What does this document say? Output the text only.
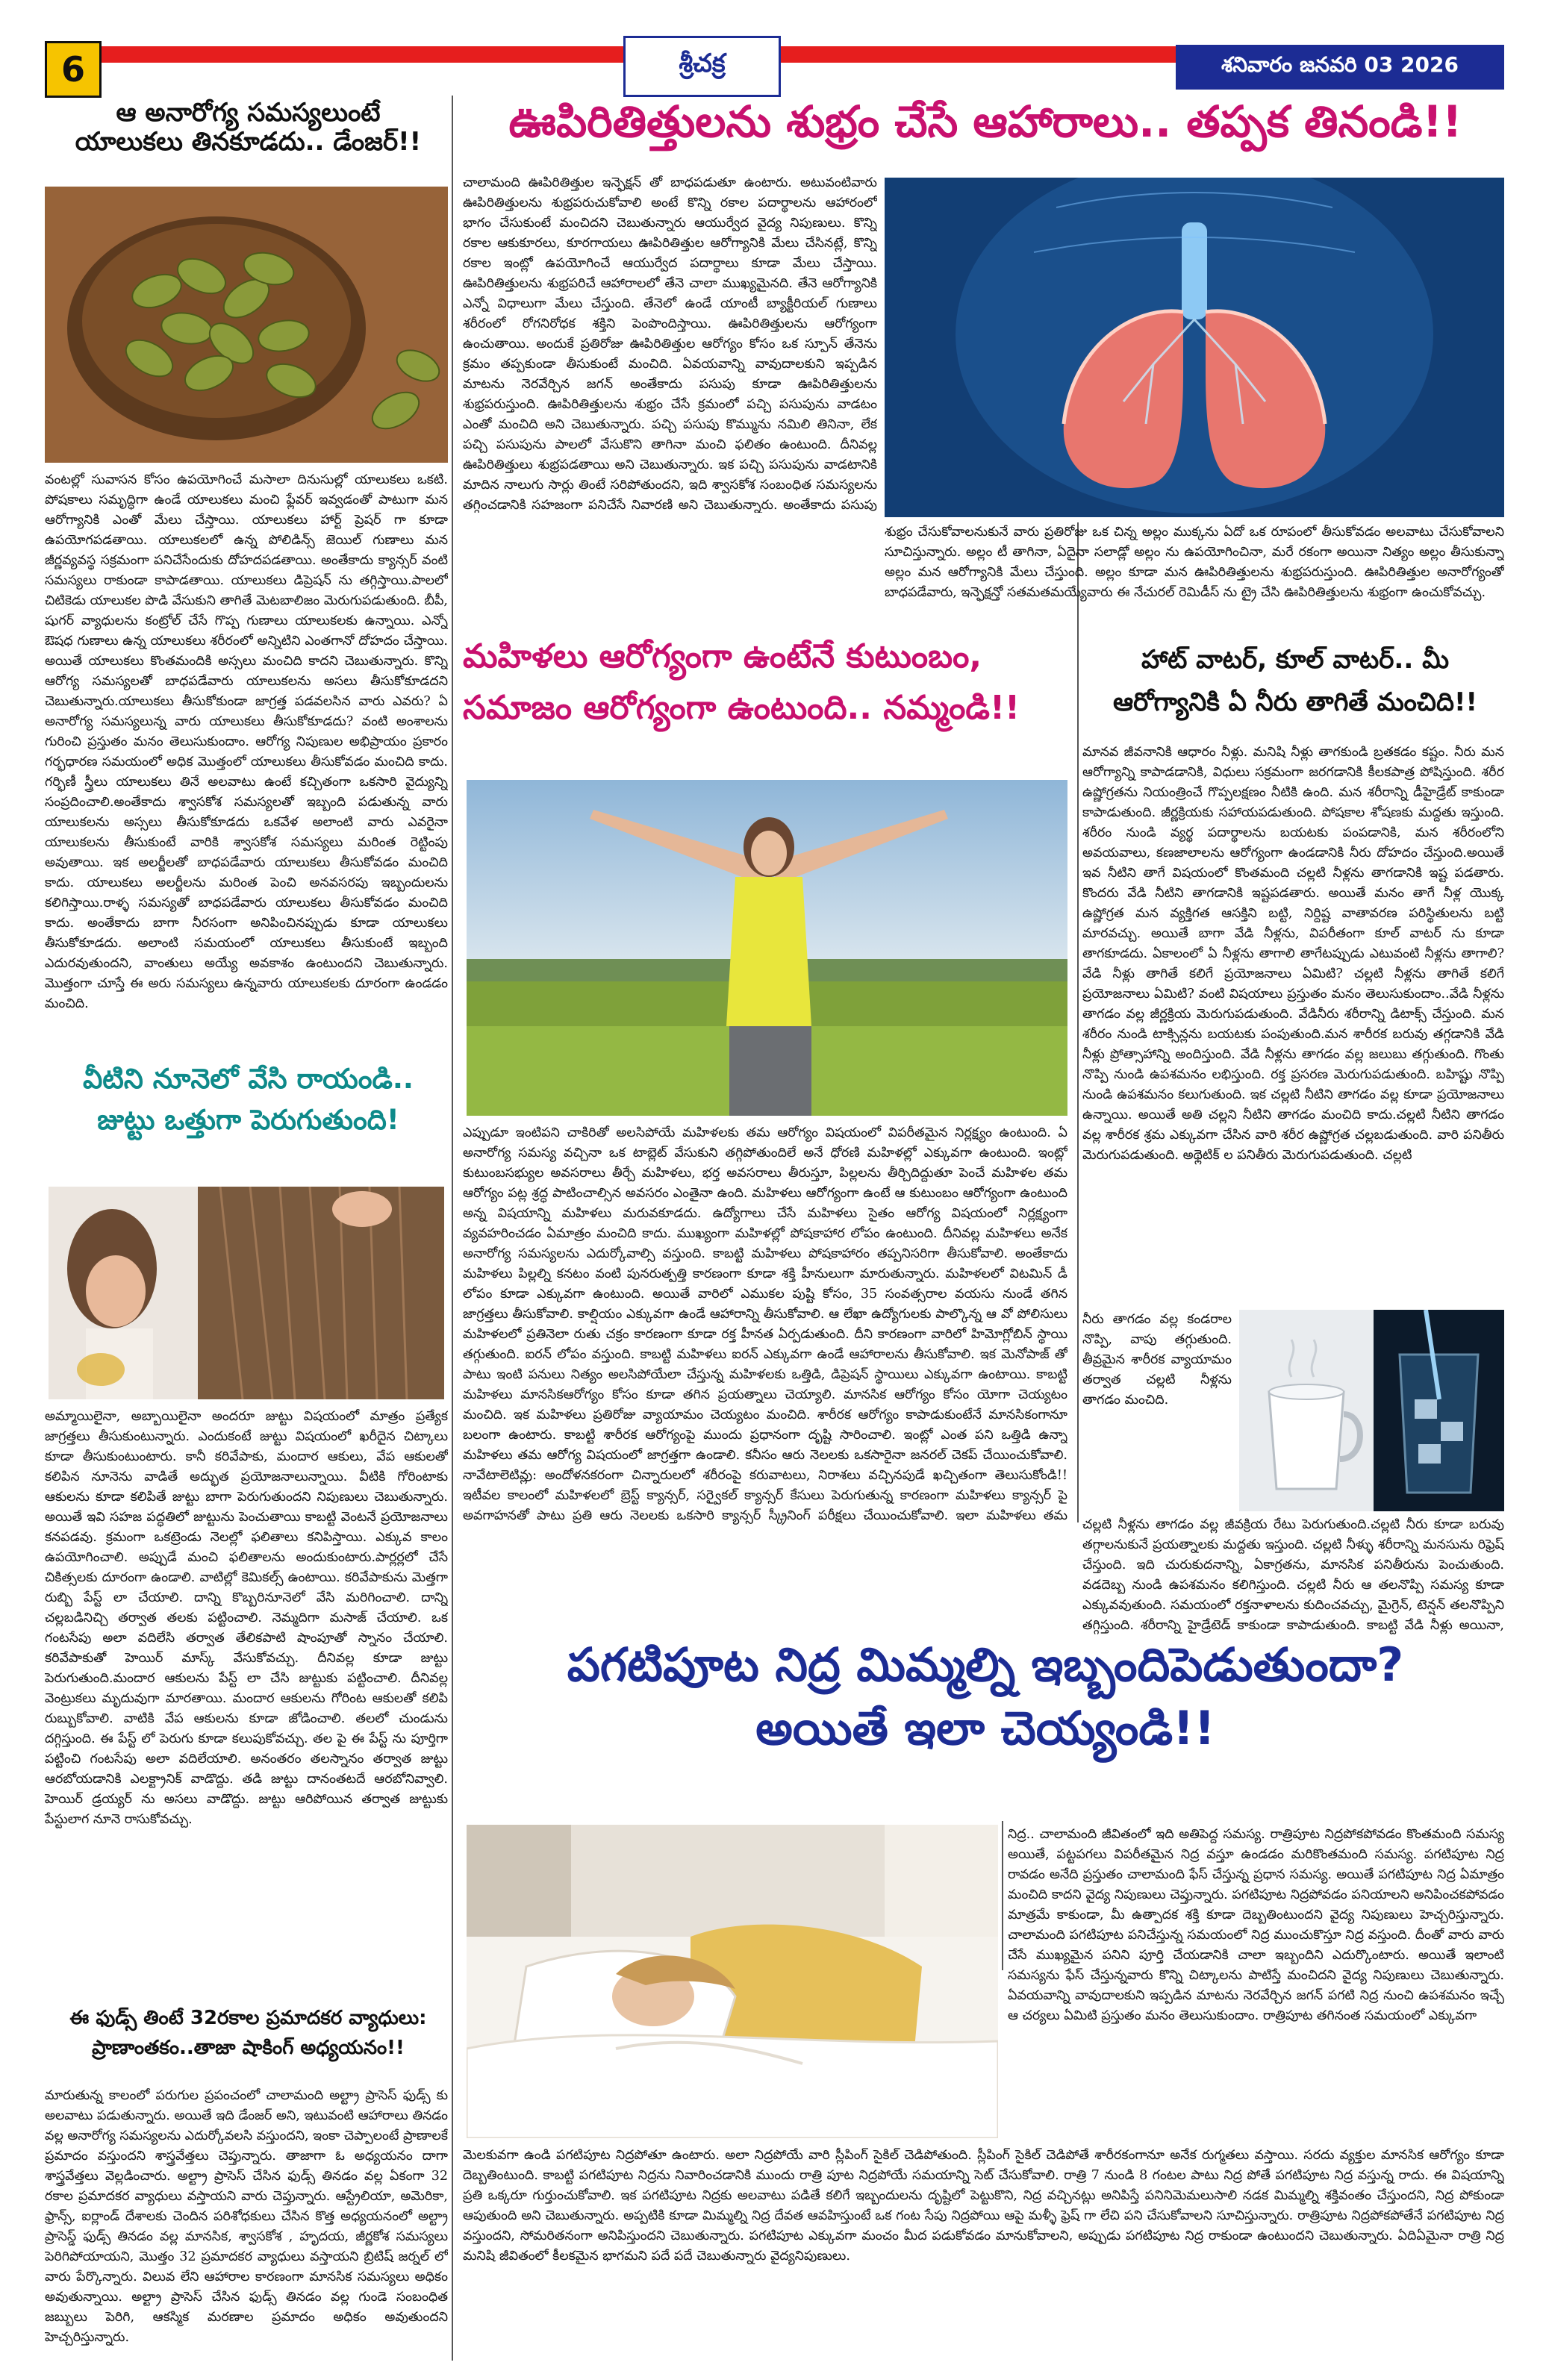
6	శ్రీచక్ర	శనివారం జనవరి 03 2026
ఆ అనారోగ్య సమస్యలుంటే
యాలుకలు తినకూడదు.. డేంజర్!!
వంటల్లో సువాసన కోసం ఉపయోగించే మసాలా దినుసుల్లో యాలుకలు ఒకటి. పోషకాలు సమృద్ధిగా ఉండే యాలుకలు మంచి ఫ్లేవర్ ఇవ్వడంతో పాటుగా మన ఆరోగ్యానికి ఎంతో మేలు చేస్తాయి. యాలుకలు హార్ట్ ప్రెషర్ గా కూడా ఉపయోగపడతాయి. యాలుకలలో ఉన్న పోలిడిన్స్ జెయిల్ గుణాలు మన జీర్ణవ్యవస్థ సక్రమంగా పనిచేసేందుకు దోహదపడతాయి. అంతేకాదు క్యాన్సర్ వంటి సమస్యలు రాకుండా కాపాడతాయి. యాలుకలు డిప్రెషన్ ను తగ్గిస్తాయి.పాలలో చిటికెడు యాలుకల పొడి వేసుకుని తాగితే మెటబాలిజం మెరుగుపడుతుంది. బీపీ, షుగర్ వ్యాధులను కంట్రోల్ చేసే గొప్ప గుణాలు యాలుకలకు ఉన్నాయి. ఎన్నో ఔషధ గుణాలు ఉన్న యాలుకలు శరీరంలో అన్నిటిని ఎంతగానో దోహదం చేస్తాయి. అయితే యాలుకలు కొంతమందికి అస్సలు మంచిది కాదని చెబుతున్నారు. కొన్ని ఆరోగ్య సమస్యలతో బాధపడేవారు యాలుకలను అసలు తీసుకోకూడదని చెబుతున్నారు.యాలుకలు తీసుకోకుండా జాగ్రత్త పడవలసిన వారు ఎవరు? ఏ అనారోగ్య సమస్యలున్న వారు యాలుకలు తీసుకోకూడదు? వంటి అంశాలను గురించి ప్రస్తుతం మనం తెలుసుకుందాం. ఆరోగ్య నిపుణుల అభిప్రాయం ప్రకారం గర్భధారణ సమయంలో అధిక మొత్తంలో యాలుకలు తీసుకోవడం మంచిది కాదు. గర్భిణీ స్త్రీలు యాలుకలు తినే అలవాటు ఉంటే కచ్చితంగా ఒకసారి వైద్యున్ని సంప్రదించాలి.అంతేకాదు శ్వాసకోశ సమస్యలతో ఇబ్బంది పడుతున్న వారు యాలుకలను అస్సలు తీసుకోకూడదు ఒకవేళ అలాంటి వారు ఎవరైనా యాలుకలను తీసుకుంటే వారికి శ్వాసకోశ సమస్యలు మరింత రెట్టింపు అవుతాయి. ఇక అలర్జీలతో బాధపడేవారు యాలుకలు తీసుకోవడం మంచిది కాదు. యాలుకలు అలర్జీలను మరింత పెంచి అనవసరపు ఇబ్బందులను కలిగిస్తాయి.రాళ్ళ సమస్యతో బాధపడేవారు యాలుకలు తీసుకోవడం మంచిది కాదు. అంతేకాదు బాగా నీరసంగా అనిపించినప్పుడు కూడా యాలుకలు తీసుకోకూడదు. అలాంటి సమయంలో యాలుకలు తీసుకుంటే ఇబ్బంది ఎదురవుతుందని, వాంతులు అయ్యే అవకాశం ఉంటుందని చెబుతున్నారు. మొత్తంగా చూస్తే ఈ అరు సమస్యలు ఉన్నవారు యాలుకలకు దూరంగా ఉండడం మంచిది.
వీటిని నూనెలో వేసి రాయండి..
జుట్టు ఒత్తుగా పెరుగుతుంది!
అమ్మాయిలైనా, అబ్బాయిలైనా అందరూ జుట్టు విషయంలో మాత్రం ప్రత్యేక జాగ్రత్తలు తీసుకుంటున్నారు. ఎందుకంటే జుట్టు విషయంలో ఖరీదైన చిట్కాలు కూడా తీసుకుంటుంటారు. కానీ కరివేపాకు, మందార ఆకులు, వేప ఆకులతో కలిపిన నూనెను వాడితే అద్భుత ప్రయోజనాలున్నాయి. వీటికి గోరింటాకు ఆకులను కూడా కలిపితే జుట్టు బాగా పెరుగుతుందని నిపుణులు చెబుతున్నారు. అయితే ఇవి సహజ పద్ధతిలో జుట్టును పెంచుతాయి కాబట్టి వెంటనే ప్రయోజనాలు కనపడవు. క్రమంగా ఒకట్రెండు నెలల్లో ఫలితాలు కనిపిస్తాయి. ఎక్కువ కాలం ఉపయోగించాలి. అప్పుడే మంచి ఫలితాలను అందుకుంటారు.పార్లర్లలో చేసే చికిత్సలకు దూరంగా ఉండాలి. వాటిల్లో కెమికల్స్ ఉంటాయి. కరివేపాకును మెత్తగా రుబ్బి పేస్ట్ లా చేయాలి. దాన్ని కొబ్బరినూనెలో వేసి మరిగించాలి. దాన్ని చల్లబడినిచ్చి తర్వాత తలకు పట్టించాలి. నెమ్మదిగా మసాజ్ చేయాలి. ఒక గంటసేపు అలా వదిలేసి తర్వాత తేలికపాటి షాంపూతో స్నానం చేయాలి. కరివేపాకుతో హెయిర్ మాస్క్ వేసుకోవచ్చు. దీనివల్ల కూడా జుట్టు పెరుగుతుంది.మందార ఆకులను పేస్ట్ లా చేసి జుట్టుకు పట్టించాలి. దీనివల్ల వెంట్రుకలు మృదువుగా మారతాయి. మందార ఆకులను గోరింట ఆకులతో కలిపి రుబ్బుకోవాలి. వాటికి వేప ఆకులను కూడా జోడించాలి. తలలో చుండును దగ్గిస్తుంది. ఈ పేస్ట్ లో పెరుగు కూడా కలుపుకోవచ్చు. తల పై ఈ పేస్ట్ ను పూర్తిగా పట్టించి గంటసేపు అలా వదిలేయాలి. అనంతరం తలస్నానం తర్వాత జుట్టు ఆరబోయడానికి ఎలక్ట్రానిక్ వాడొద్దు. తడి జుట్టు దానంతటదే ఆరబోనివ్వాలి. హెయిర్ డ్రయ్యర్ ను అసలు వాడొద్దు. జుట్టు ఆరిపోయిన తర్వాత జుట్టుకు పేస్టులాగ నూనె రాసుకోవచ్చు.
ఈ ఫుడ్స్ తింటే 32రకాల ప్రమాదకర వ్యాధులు:
ప్రాణాంతకం..తాజా షాకింగ్ అధ్యయనం!!
మారుతున్న కాలంలో పరుగుల ప్రపంచంలో చాలామంది అల్ట్రా ప్రాసెస్ ఫుడ్స్ కు అలవాటు పడుతున్నారు. అయితే ఇది డేంజర్ అని, ఇటువంటి ఆహారాలు తినడం వల్ల అనారోగ్య సమస్యలను ఎదుర్కోవలసి వస్తుందని, ఇంకా చెప్పాలంటే ప్రాణాలకే ప్రమాదం వస్తుందని శాస్త్రవేత్తలు చెప్తున్నారు. తాజాగా ఓ అధ్యయనం దాగా శాస్త్రవేత్తలు వెల్లడించారు. అల్ట్రా ప్రాసెస్ చేసిన ఫుడ్స్ తినడం వల్ల ఏకంగా 32 రకాల ప్రమాదకర వ్యాధులు వస్తాయని వారు చెప్తున్నారు. ఆస్ట్రేలియా, అమెరికా, ఫ్రాన్స్, ఐర్లాండ్ దేశాలకు చెందిన పరిశోధకులు చేసిన కొత్త అధ్యయనంలో అల్ట్రా ప్రాసెస్డ్ ఫుడ్స్ తినడం వల్ల మానసిక, శ్వాసకోశ , హృదయ, జీర్ణకోశ సమస్యలు పెరిగిపోయాయని, మొత్తం 32 ప్రమాదకర వ్యాధులు వస్తాయని బ్రిటిష్ జర్నల్ లో వారు పేర్కొన్నారు. విలువ లేని ఆహారాల కారణంగా మానసిక సమస్యలు అధికం అవుతున్నాయి. అల్ట్రా ప్రాసెస్ చేసిన ఫుడ్స్ తినడం వల్ల గుండె సంబంధిత జబ్బులు పెరిగి, ఆకస్మిక మరణాల ప్రమాదం అధికం అవుతుందని హెచ్చరిస్తున్నారు.
ఊపిరితిత్తులను శుభ్రం చేసే ఆహారాలు.. తప్పక తినండి!!
చాలామంది ఊపిరితిత్తుల ఇన్ఫెక్షన్ తో బాధపడుతూ ఉంటారు. అటువంటివారు ఊపిరితిత్తులను శుభ్రపరుచుకోవాలి అంటే కొన్ని రకాల పదార్థాలను ఆహారంలో భాగం చేసుకుంటే మంచిదని చెబుతున్నారు ఆయుర్వేద వైద్య నిపుణులు. కొన్ని రకాల ఆకుకూరలు, కూరగాయలు ఊపిరితిత్తుల ఆరోగ్యానికి మేలు చేసినట్లే, కొన్ని రకాల ఇంట్లో ఉపయోగించే ఆయుర్వేద పదార్థాలు కూడా మేలు చేస్తాయి. ఊపిరితిత్తులను శుభ్రపరిచే ఆహారాలలో తేనె చాలా ముఖ్యమైనది. తేనె ఆరోగ్యానికి ఎన్నో విధాలుగా మేలు చేస్తుంది. తేనెలో ఉండే యాంటీ బ్యాక్టీరియల్ గుణాలు శరీరంలో రోగనిరోధక శక్తిని పెంపొందిస్తాయి. ఊపిరితిత్తులను ఆరోగ్యంగా ఉంచుతాయి. అందుకే ప్రతిరోజు ఊపిరితిత్తుల ఆరోగ్యం కోసం ఒక స్పూన్ తేనెను క్రమం తప్పకుండా తీసుకుంటే మంచిది. ఏవయవాన్ని వావుదాలకుని ఇప్పడిన మాటను నెరవేర్చిన జగన్ అంతేకాదు పసుపు కూడా ఊపిరితిత్తులను శుభ్రపరుస్తుంది. ఊపిరితిత్తులను శుభ్రం చేసే క్రమంలో పచ్చి పసుపును వాడటం ఎంతో మంచిది అని చెబుతున్నారు. పచ్చి పసుపు కొమ్మును నమిలి తినినా, లేక పచ్చి పసుపును పాలలో వేసుకొని తాగినా మంచి ఫలితం ఉంటుంది. దీనివల్ల ఊపిరితిత్తులు శుభ్రపడతాయి అని చెబుతున్నారు. ఇక పచ్చి పసుపును వాడటానికి మాదిన నాలుగు సార్లు తింటే సరిపోతుందని, ఇది శ్వాసకోశ సంబంధిత సమస్యలను తగ్గించడానికి సహజంగా పనిచేసే నివారణి అని చెబుతున్నారు. అంతేకాదు పసుపు
శుభ్రం చేసుకోవాలనుకునే వారు ప్రతిరోజు ఒక చిన్న అల్లం ముక్కను ఏదో ఒక రూపంలో తీసుకోవడం అలవాటు చేసుకోవాలని సూచిస్తున్నారు. అల్లం టీ తాగినా, ఏదైనా సలాడ్లో అల్లం ను ఉపయోగించినా, మరే రకంగా అయినా నిత్యం అల్లం తీసుకున్నా అల్లం మన ఆరోగ్యానికి మేలు చేస్తుంది. అల్లం కూడా మన ఊపిరితిత్తులను శుభ్రపరుస్తుంది. ఊపిరితిత్తుల అనారోగ్యంతో బాధపడేవారు, ఇన్ఫెక్షన్తో సతమతమయ్యేవారు ఈ నేచురల్ రెమిడీస్ ను ట్రై చేసి ఊపిరితిత్తులను శుభ్రంగా ఉంచుకోవచ్చు.
మహిళలు ఆరోగ్యంగా ఉంటేనే కుటుంబం,
సమాజం ఆరోగ్యంగా ఉంటుంది.. నమ్మండి!!
ఎప్పుడూ ఇంటిపని చాకిరితో అలసిపోయే మహిళలకు తమ ఆరోగ్యం విషయంలో విపరీతమైన నిర్లక్ష్యం ఉంటుంది. ఏ అనారోగ్య సమస్య వచ్చినా ఒక టాబ్లెట్ వేసుకుని తగ్గిపోతుందిలే అనే ధోరణి మహిళల్లో ఎక్కువగా ఉంటుంది. ఇంట్లో కుటుంబసభ్యుల అవసరాలు తీర్చే మహిళలు, భర్త అవసరాలు తీరుస్తూ, పిల్లలను తీర్చిదిద్దుతూ పెంచే మహిళల తమ ఆరోగ్యం పట్ల శ్రద్ధ పాటించాల్సిన అవసరం ఎంతైనా ఉంది. మహిళలు ఆరోగ్యంగా ఉంటే ఆ కుటుంబం ఆరోగ్యంగా ఉంటుంది అన్న విషయాన్ని మహిళలు మరువకూడదు. ఉద్యోగాలు చేసే మహిళలు సైతం ఆరోగ్య విషయంలో నిర్లక్ష్యంగా వ్యవహరించడం ఏమాత్రం మంచిది కాదు. ముఖ్యంగా మహిళల్లో పోషకాహార లోపం ఉంటుంది. దీనివల్ల మహిళలు అనేక అనారోగ్య సమస్యలను ఎదుర్కోవాల్సి వస్తుంది. కాబట్టి మహిళలు పోషకాహారం తప్పనిసరిగా తీసుకోవాలి. అంతేకాదు మహిళలు పిల్లల్ని కనటం వంటి పునరుత్పత్తి కారణంగా కూడా శక్తి హీనులుగా మారుతున్నారు. మహిళలలో విటమిన్ డీ లోపం కూడా ఎక్కువగా ఉంటుంది. అయితే వారిలో ఎముకల పుష్టి కోసం, 35 సంవత్సరాల వయసు నుండే తగిన జాగ్రత్తలు తీసుకోవాలి. కాల్షియం ఎక్కువగా ఉండే ఆహారాన్ని తీసుకోవాలి. ఆ లేఖా ఉద్యోగులకు పాల్కొన్న ఆ వో పోలిసులు మహిళలలో ప్రతినెలా రుతు చక్రం కారణంగా కూడా రక్త హీనత ఏర్పడుతుంది. దీని కారణంగా వారిలో హిమోగ్లోబిన్ స్థాయి తగ్గుతుంది. ఐరన్ లోపం వస్తుంది. కాబట్టి మహిళలు ఐరన్ ఎక్కువగా ఉండే ఆహారాలను తీసుకోవాలి. ఇక మెనోపాజ్ తో పాటు ఇంటి పనులు నిత్యం అలసిపోయేలా చేస్తున్న మహిళలకు ఒత్తిడి, డిప్రెషన్ స్థాయిలు ఎక్కువగా ఉంటాయి. కాబట్టి మహిళలు మానసికఆరోగ్యం కోసం కూడా తగిన ప్రయత్నాలు చెయ్యాలి. మానసిక ఆరోగ్యం కోసం యోగా చెయ్యటం మంచిది. ఇక మహిళలు ప్రతిరోజు వ్యాయామం చెయ్యటం మంచిది. శారీరక ఆరోగ్యం కాపాడుకుంటేనే మానసికంగానూ బలంగా ఉంటారు. కాబట్టి శారీరక ఆరోగ్యంపై ముందు ప్రధానంగా దృష్టి సారించాలి. ఇంట్లో ఎంత పని ఒత్తిడి ఉన్నా మహిళలు తమ ఆరోగ్య విషయంలో జాగ్రత్తగా ఉండాలి. కనీసం ఆరు నెలలకు ఒకసారైనా జనరల్ చెకప్ చేయించుకోవాలి. నావేటాలెటివ్లు: అందోళనకరంగా చిన్నారులలో శరీరంపై కరువాటలు, నిరాశలు వచ్చినపుడే ఖచ్చితంగా తెలుసుకోండి!! ఇటీవల కాలంలో మహిళలలో బ్రెస్ట్ క్యాన్సర్, సర్వైకల్ క్యాన్సర్ కేసులు పెరుగుతున్న కారణంగా మహిళలు క్యాన్సర్ పై అవగాహనతో పాటు ప్రతి ఆరు నెలలకు ఒకసారి క్యాన్సర్ స్క్రీనింగ్ పరీక్షలు చేయించుకోవాలి. ఇలా మహిళలు తమ
హాట్ వాటర్, కూల్ వాటర్.. మీ
ఆరోగ్యానికి ఏ నీరు తాగితే మంచిది!!
మానవ జీవనానికి ఆధారం నీళ్లు. మనిషి నీళ్లు తాగకుండి బ్రతకడం కష్టం. నీరు మన ఆరోగ్యాన్ని కాపాడడానికి, విధులు సక్రమంగా జరగడానికి కీలకపాత్ర పోషిస్తుంది. శరీర ఉష్ణోగ్రతను నియంత్రించే గొప్పలక్షణం నీటికి ఉంది. మన శరీరాన్ని డీహైడ్రేట్ కాకుండా కాపాడుతుంది. జీర్ణక్రియకు సహాయపడుతుంది. పోషకాల శోషణకు మద్దతు ఇస్తుంది. శరీరం నుండి వ్యర్థ పదార్థాలను బయటకు పంపడానికి, మన శరీరంలోని అవయవాలు, కణజాలాలను ఆరోగ్యంగా ఉండడానికి నీరు దోహదం చేస్తుంది.అయితే ఇవ నీటిని తాగే విషయంలో కొంతమంది చల్లటి నీళ్లను తాగడానికి ఇష్ట పడతారు. కొందరు వేడి నీటిని తాగడానికి ఇష్టపడతారు. అయితే మనం తాగే నీళ్ల యొక్క ఉష్ణోగ్రత మన వ్యక్తిగత ఆసక్తిని బట్టి, నిర్దిష్ట వాతావరణ పరిస్థితులను బట్టి మారవచ్చు. అయితే బాగా వేడి నీళ్లను, విపరీతంగా కూల్ వాటర్ ను కూడా తాగకూడదు. ఏకాలంలో ఏ నీళ్లను తాగాలి తాగేటప్పుడు ఎటువంటి నీళ్లను తాగాలి? వేడి నీళ్లు తాగితే కలిగే ప్రయోజనాలు ఏమిటి? చల్లటి నీళ్లను తాగితే కలిగే ప్రయోజనాలు ఏమిటి? వంటి విషయాలు ప్రస్తుతం మనం తెలుసుకుందాం..వేడి నీళ్లను తాగడం వల్ల జీర్ణక్రియ మెరుగుపడుతుంది. వేడినీరు శరీరాన్ని డిటాక్స్ చేస్తుంది. మన శరీరం నుండి టాక్సిన్లను బయటకు పంపుతుంది.మన శారీరక బరువు తగ్గడానికి వేడి నీళ్లు ప్రోత్సాహాన్ని అందిస్తుంది. వేడి నీళ్లను తాగడం వల్ల జలుబు తగ్గుతుంది. గొంతు నొప్పి నుండి ఉపశమనం లభిస్తుంది. రక్త ప్రసరణ మెరుగుపడుతుంది. బహిష్టు నొప్పి నుండి ఉపశమనం కలుగుతుంది. ఇక చల్లటి నీటిని తాగడం వల్ల కూడా ప్రయోజనాలు ఉన్నాయి. అయితే అతి చల్లని నీటిని తాగడం మంచిది కాదు.చల్లటి నీటిని తాగడం వల్ల శారీరక శ్రమ ఎక్కువగా చేసిన వారి శరీర ఉష్ణోగ్రత చల్లబడుతుంది. వారి పనితీరు మెరుగుపడుతుంది. అథ్లెటిక్ ల పనితీరు మెరుగుపడుతుంది. చల్లటి
నీరు తాగడం వల్ల కండరాల నొప్పి, వాపు తగ్గుతుంది. తీవ్రమైన శారీరక వ్యాయామం తర్వాత చల్లటి నీళ్లను తాగడం మంచిది.
చల్లటి నీళ్లను తాగడం వల్ల జీవక్రియ రేటు పెరుగుతుంది.చల్లటి నీరు కూడా బరువు తగ్గాలనుకునే ప్రయత్నాలకు మద్దతు ఇస్తుంది. చల్లటి నీళ్ళు శరీరాన్ని మనసును రిఫ్రెష్ చేస్తుంది. ఇది చురుకుదనాన్ని, ఏకాగ్రతను, మానసిక పనితీరును పెంచుతుంది. వడదెబ్బ నుండి ఉపశమనం కలిగిస్తుంది. చల్లటి నీరు ఆ తలనొప్పి సమస్య కూడా ఎక్కువవుతుంది. సమయంలో రక్తనాళాలను కుదించవచ్చు, మైగ్రెన్, టెన్షన్ తలనొప్పిని తగ్గిస్తుంది. శరీరాన్ని హైడ్రేటెడ్ కాకుండా కాపాడుతుంది. కాబట్టి వేడి నీళ్లు అయినా,
పగటిపూట నిద్ర మిమ్మల్ని ఇబ్బందిపెడుతుందా?
అయితే ఇలా చెయ్యండి!!
నిద్ర.. చాలామంది జీవితంలో ఇది అతిపెద్ద సమస్య. రాత్రిపూట నిద్రపోకపోవడం కొంతమంది సమస్య అయితే, పట్టపగలు విపరీతమైన నిద్ర వస్తూ ఉండడం మరికొంతమంది సమస్య. పగటిపూట నిద్ర రావడం అనేది ప్రస్తుతం చాలామంది ఫేస్ చేస్తున్న ప్రధాన సమస్య. అయితే పగటిపూట నిద్ర ఏమాత్రం మంచిది కాదని వైద్య నిపుణులు చెప్తున్నారు. పగటిపూట నిద్రపోవడం పనియాలని అనిపించకపోవడం మాత్రమే కాకుండా, మీ ఉత్పాదక శక్తి కూడా దెబ్బతింటుందని వైద్య నిపుణులు హెచ్చరిస్తున్నారు. చాలామంది పగటిపూట పనిచేస్తున్న సమయంలో నిద్ర ముంచుకొస్తూ నిద్ర వస్తుంది. దీంతో వారు వారు చేసే ముఖ్యమైన పనిని పూర్తి చేయడానికి చాలా ఇబ్బందిని ఎదుర్కొంటారు. అయితే ఇలాంటి సమస్యను ఫేస్ చేస్తున్నవారు కొన్ని చిట్కాలను పాటిస్తే మంచిదని వైద్య నిపుణులు చెబుతున్నారు. ఏవయవాన్ని వావుదాలకుని ఇప్పడిన మాటను నెరవేర్చిన జగన్ పగటి నిద్ర నుంచి ఉపశమనం ఇచ్చే ఆ చర్యలు ఏమిటి ప్రస్తుతం మనం తెలుసుకుందాం. రాత్రిపూట తగినంత సమయంలో ఎక్కువగా
మెలకువగా ఉండి పగటిపూట నిద్రపోతూ ఉంటారు. అలా నిద్రపోయే వారి స్లీపింగ్ సైకిల్ చెడిపోతుంది. స్లీపింగ్ సైకిల్ చెడిపోతే శారీరకంగానూ అనేక రుగ్మతలు వస్తాయి. సరదు వ్యక్తుల మానసిక ఆరోగ్యం కూడా దెబ్బతింటుంది. కాబట్టి పగటిపూట నిద్రను నివారించడానికి ముందు రాత్రి పూట నిద్రపోయే సమయాన్ని సెట్ చేసుకోవాలి. రాత్రి 7 నుండి 8 గంటల పాటు నిద్ర పోతే పగటిపూట నిద్ర వస్తున్న రాదు. ఈ విషయాన్ని ప్రతి ఒక్కరూ గుర్తుంచుకోవాలి. ఇక పగటిపూట నిద్రకు అలవాటు పడితే కలిగే ఇబ్బందులను దృష్టిలో పెట్టుకొని, నిద్ర వచ్చినట్లు అనిపిస్తే పనినిమెమలుసాలి నడక మిమ్మల్ని శక్తివంతం చేస్తుందని, నిద్ర పోకుండా ఆపుతుంది అని చెబుతున్నారు. అప్పటికి కూడా మిమ్మల్ని నిద్ర దేవత ఆవహిస్తుంటే ఒక గంట సేపు నిద్రపోయి ఆపై మళ్ళీ ఫ్రెష్ గా లేచి పని చేసుకోవాలని సూచిస్తున్నారు. రాత్రిపూట నిద్రపోకపోతేనే పగటిపూట నిద్ర వస్తుందని, సోమరితనంగా అనిపిస్తుందని చెబుతున్నారు. పగటిపూట ఎక్కువగా మంచం మీద పడుకోవడం మానుకోవాలని, అప్పుడు పగటిపూట నిద్ర రాకుండా ఉంటుందని చెబుతున్నారు. ఏదిఏమైనా రాత్రి నిద్ర మనిషి జీవితంలో కీలకమైన భాగమని పదే పదే చెబుతున్నారు వైద్యనిపుణులు.
